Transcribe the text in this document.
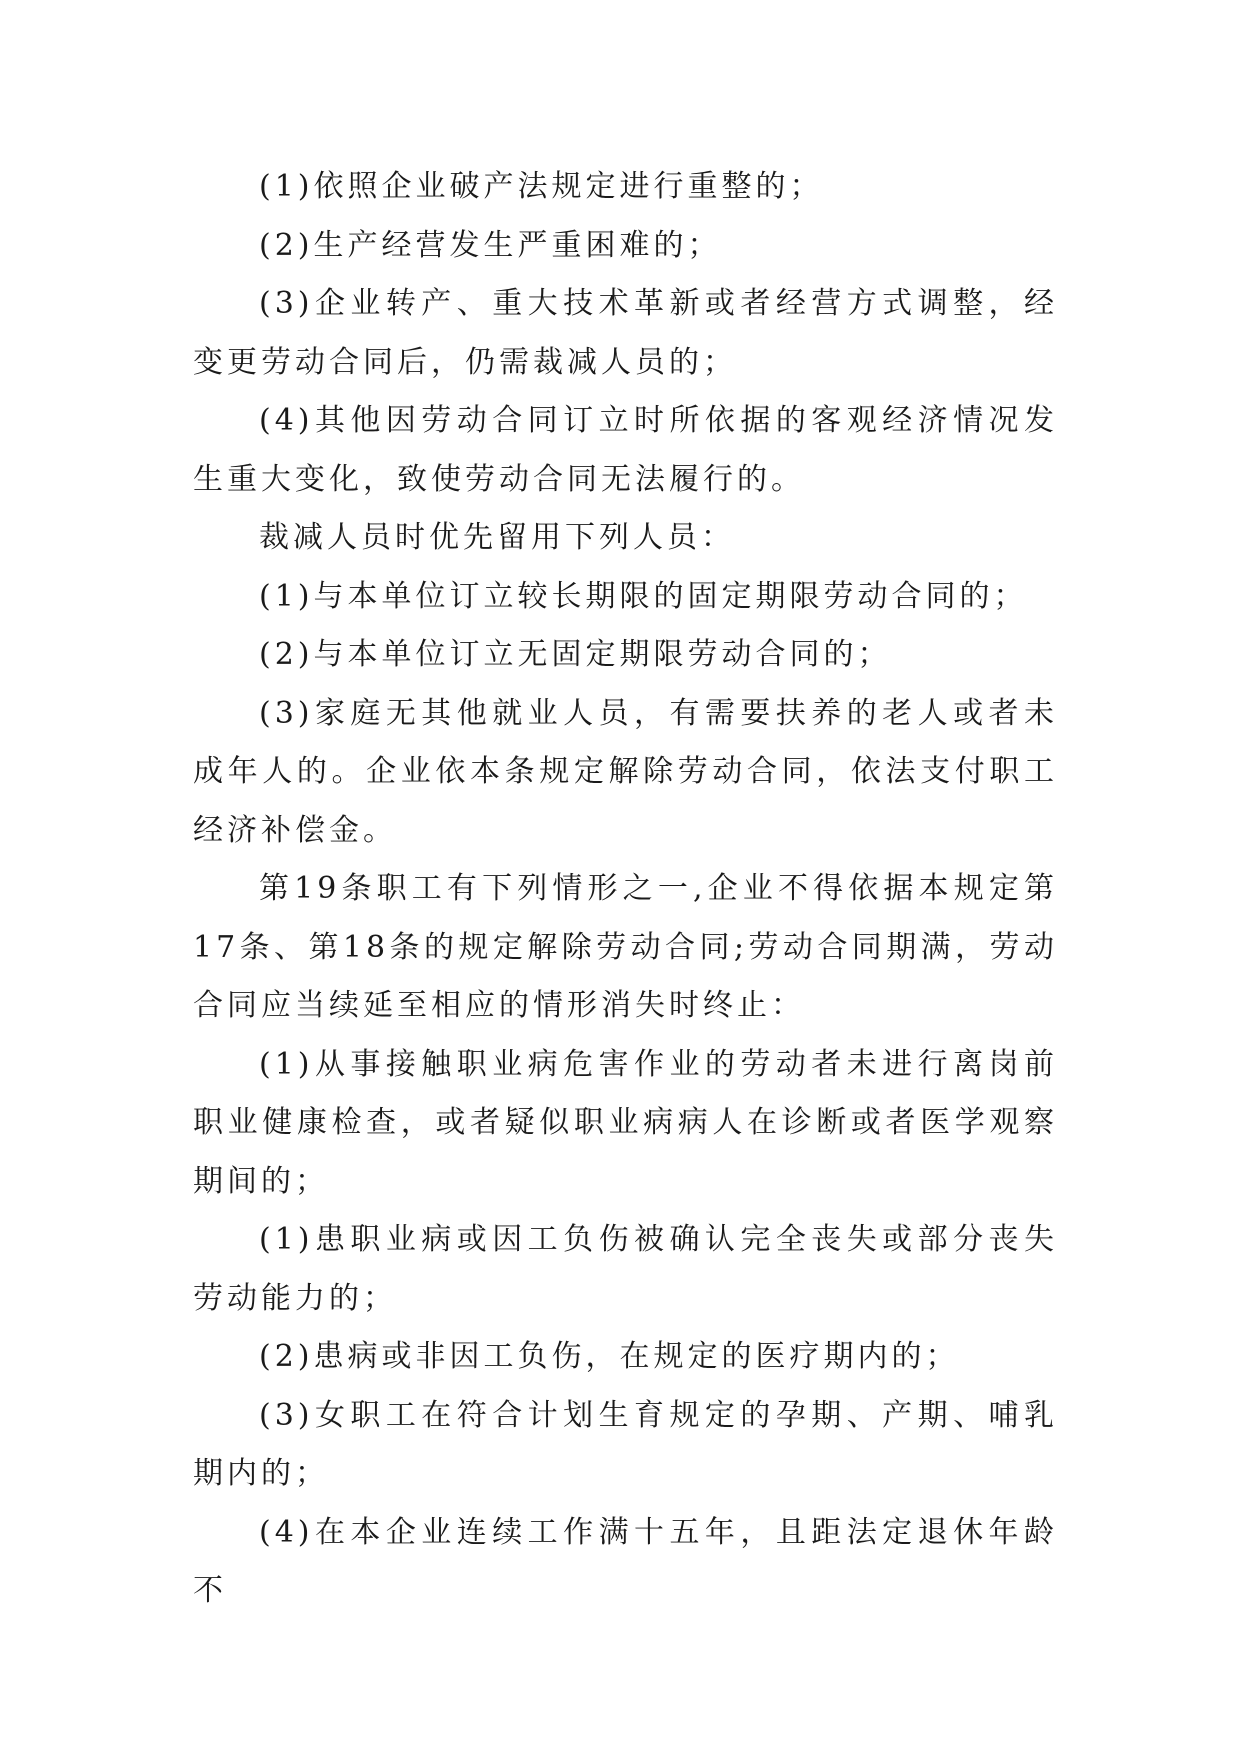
(1)依照企业破产法规定进行重整的；

(2)生产经营发生严重困难的；

(3)企业转产、重大技术革新或者经营方式调整，经变更劳动合同后，仍需裁减人员的；

(4)其他因劳动合同订立时所依据的客观经济情况发生重大变化，致使劳动合同无法履行的。

裁减人员时优先留用下列人员：

(1)与本单位订立较长期限的固定期限劳动合同的；

(2)与本单位订立无固定期限劳动合同的；

(3)家庭无其他就业人员，有需要扶养的老人或者未成年人的。企业依本条规定解除劳动合同，依法支付职工经济补偿金。

第19条职工有下列情形之一,企业不得依据本规定第17条、第18条的规定解除劳动合同;劳动合同期满，劳动合同应当续延至相应的情形消失时终止：

(1)从事接触职业病危害作业的劳动者未进行离岗前职业健康检查，或者疑似职业病病人在诊断或者医学观察期间的；

(1)患职业病或因工负伤被确认完全丧失或部分丧失劳动能力的；

(2)患病或非因工负伤，在规定的医疗期内的；

(3)女职工在符合计划生育规定的孕期、产期、哺乳期内的；

(4)在本企业连续工作满十五年，且距法定退休年龄不
